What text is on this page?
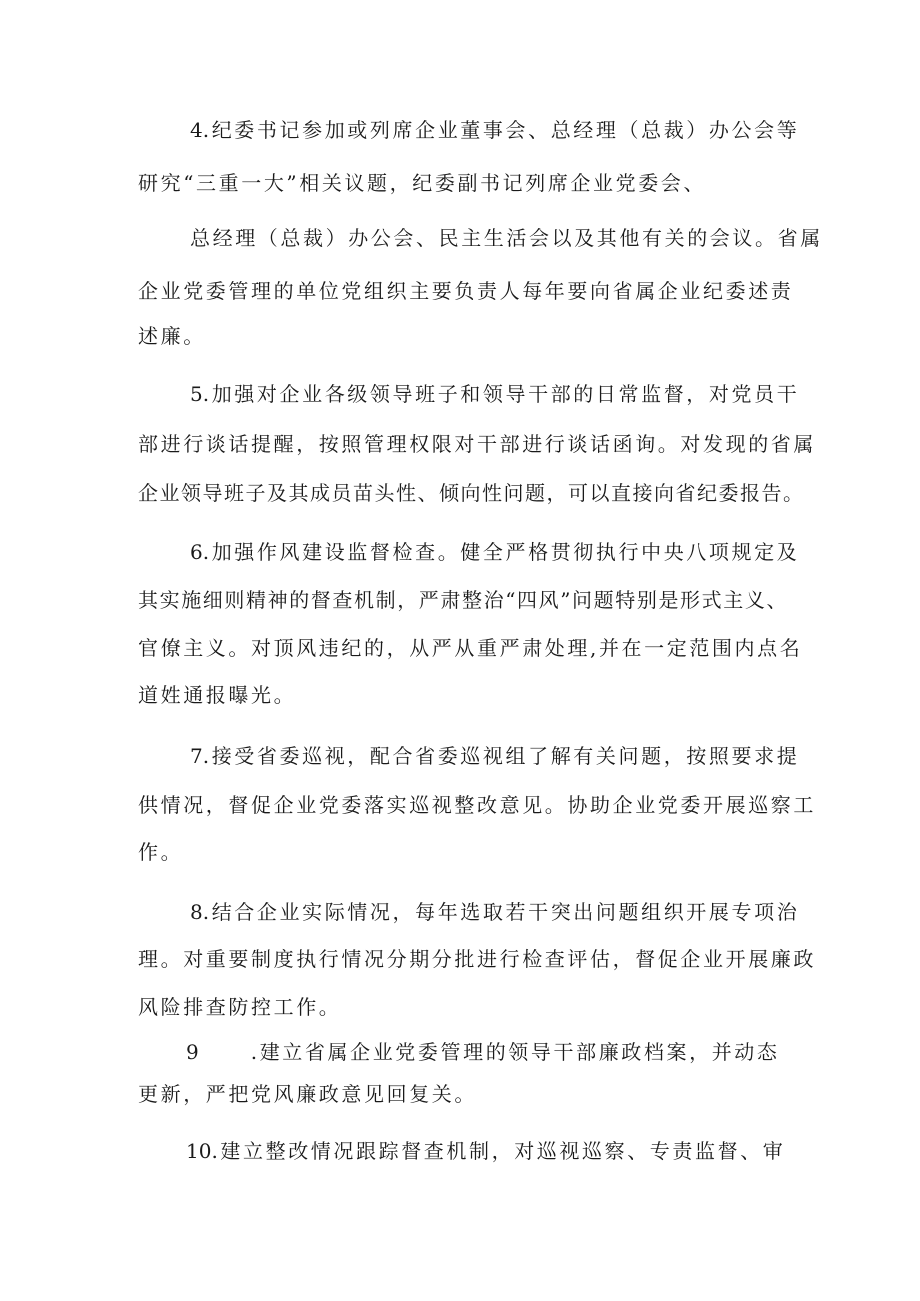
4.纪委书记参加或列席企业董事会、总经理（总裁）办公会等
研究“三重一大”相关议题，纪委副书记列席企业党委会、
总经理（总裁）办公会、民主生活会以及其他有关的会议。省属
企业党委管理的单位党组织主要负责人每年要向省属企业纪委述责
述廉。
5.加强对企业各级领导班子和领导干部的日常监督，对党员干
部进行谈话提醒，按照管理权限对干部进行谈话函询。对发现的省属
企业领导班子及其成员苗头性、倾向性问题，可以直接向省纪委报告。
6.加强作风建设监督检查。健全严格贯彻执行中央八项规定及
其实施细则精神的督查机制，严肃整治“四风”问题特别是形式主义、
官僚主义。对顶风违纪的，从严从重严肃处理,并在一定范围内点名
道姓通报曝光。
7.接受省委巡视，配合省委巡视组了解有关问题，按照要求提
供情况，督促企业党委落实巡视整改意见。协助企业党委开展巡察工
作。
8.结合企业实际情况，每年选取若干突出问题组织开展专项治
理。对重要制度执行情况分期分批进行检查评估，督促企业开展廉政
风险排查防控工作。
9	.建立省属企业党委管理的领导干部廉政档案，并动态
更新，严把党风廉政意见回复关。
10.建立整改情况跟踪督查机制，对巡视巡察、专责监督、审
